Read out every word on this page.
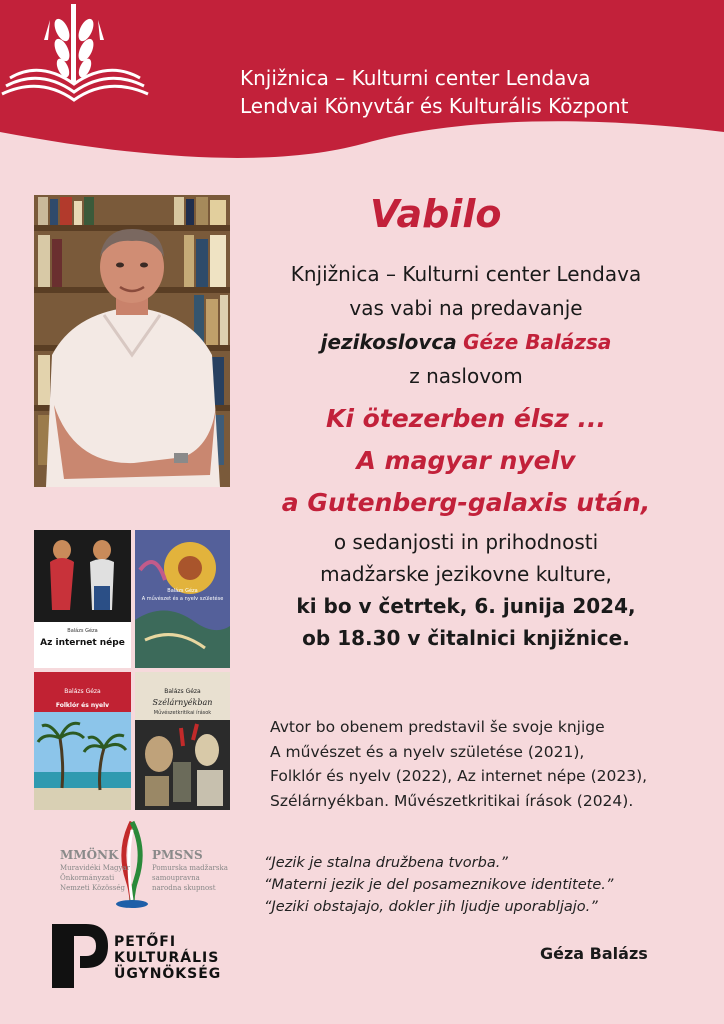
Knjižnica – Kulturni center Lendava
Lendvai Könyvtár és Kulturális Központ
Balázs Géza
Az internet népe
Balázs Géza
A művészet és a nyelv születése
Balázs Géza
Folklór és nyelv
Balázs Géza
Szélárnyékban
Művészetkritikai írások
Vabilo
Knjižnica – Kulturni center Lendava
vas vabi na predavanje
jezikoslovca Géze Balázsa
z naslovom
Ki ötezerben élsz ...
A magyar nyelv
a Gutenberg-galaxis után,
o sedanjosti in prihodnosti
madžarske jezikovne kulture,
ki bo v četrtek, 6. junija 2024,
ob 18.30 v čitalnici knjižnice.
Avtor bo obenem predstavil še svoje knjige
A művészet és a nyelv születése (2021),
Folklór és nyelv (2022), Az internet népe (2023),
Szélárnyékban. Művészetkritikai írások (2024).
MMÖNK
Muravidéki Magyar
Önkormányzati
Nemzeti Közösség
PMSNS
Pomurska madžarska
samoupravna
narodna skupnost
PETŐFI
KULTURÁLIS
ÜGYNÖKSÉG
“Jezik je stalna družbena tvorba.”
“Materni jezik je del posameznikove identitete.”
“Jeziki obstajajo, dokler jih ljudje uporabljajo.”
Géza Balázs
